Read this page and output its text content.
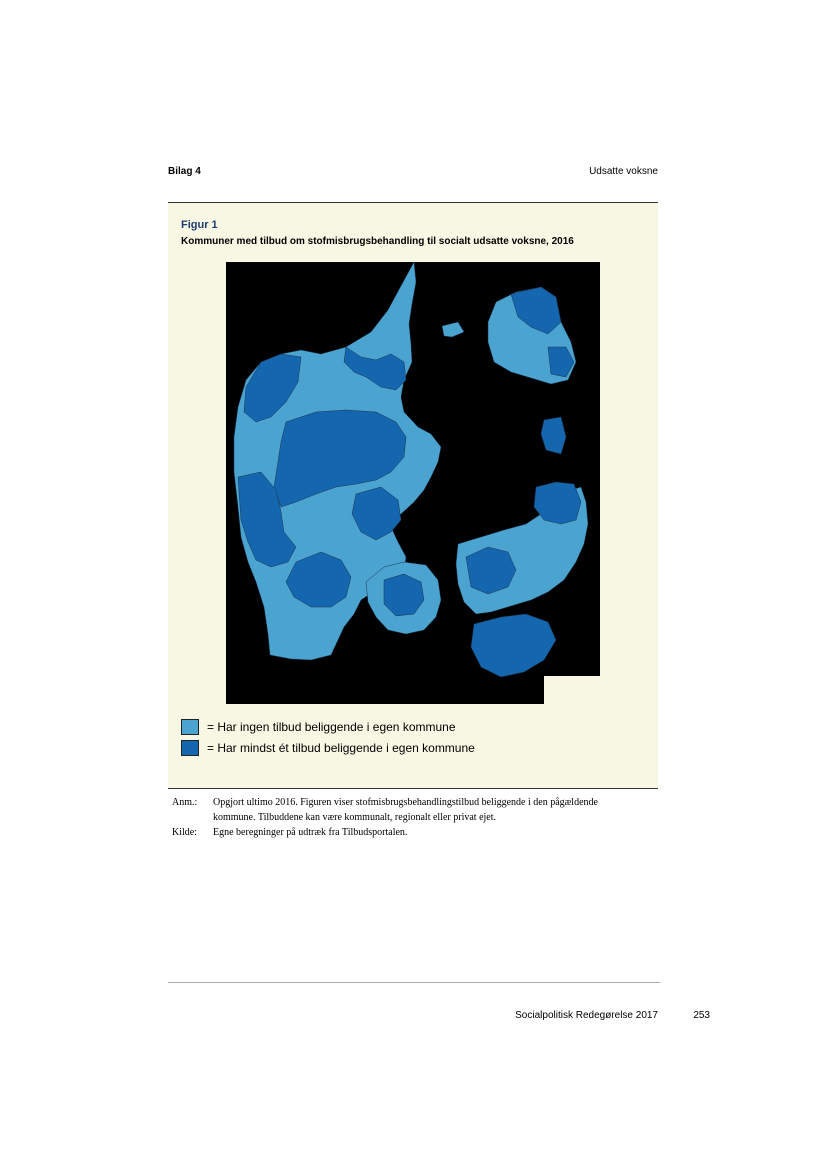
Bilag 4	Udsatte voksne
Figur 1
Kommuner med tilbud om stofmisbrugsbehandling til socialt udsatte voksne, 2016
= Har ingen tilbud beliggende i egen kommune
= Har mindst ét tilbud beliggende i egen kommune
Anm.:	Opgjort ultimo 2016. Figuren viser stofmisbrugsbehandlingstilbud beliggende i den pågældende kommune. Tilbuddene kan være kommunalt, regionalt eller privat ejet.
Kilde:	Egne beregninger på udtræk fra Tilbudsportalen.
Socialpolitisk Redegørelse 2017	253
